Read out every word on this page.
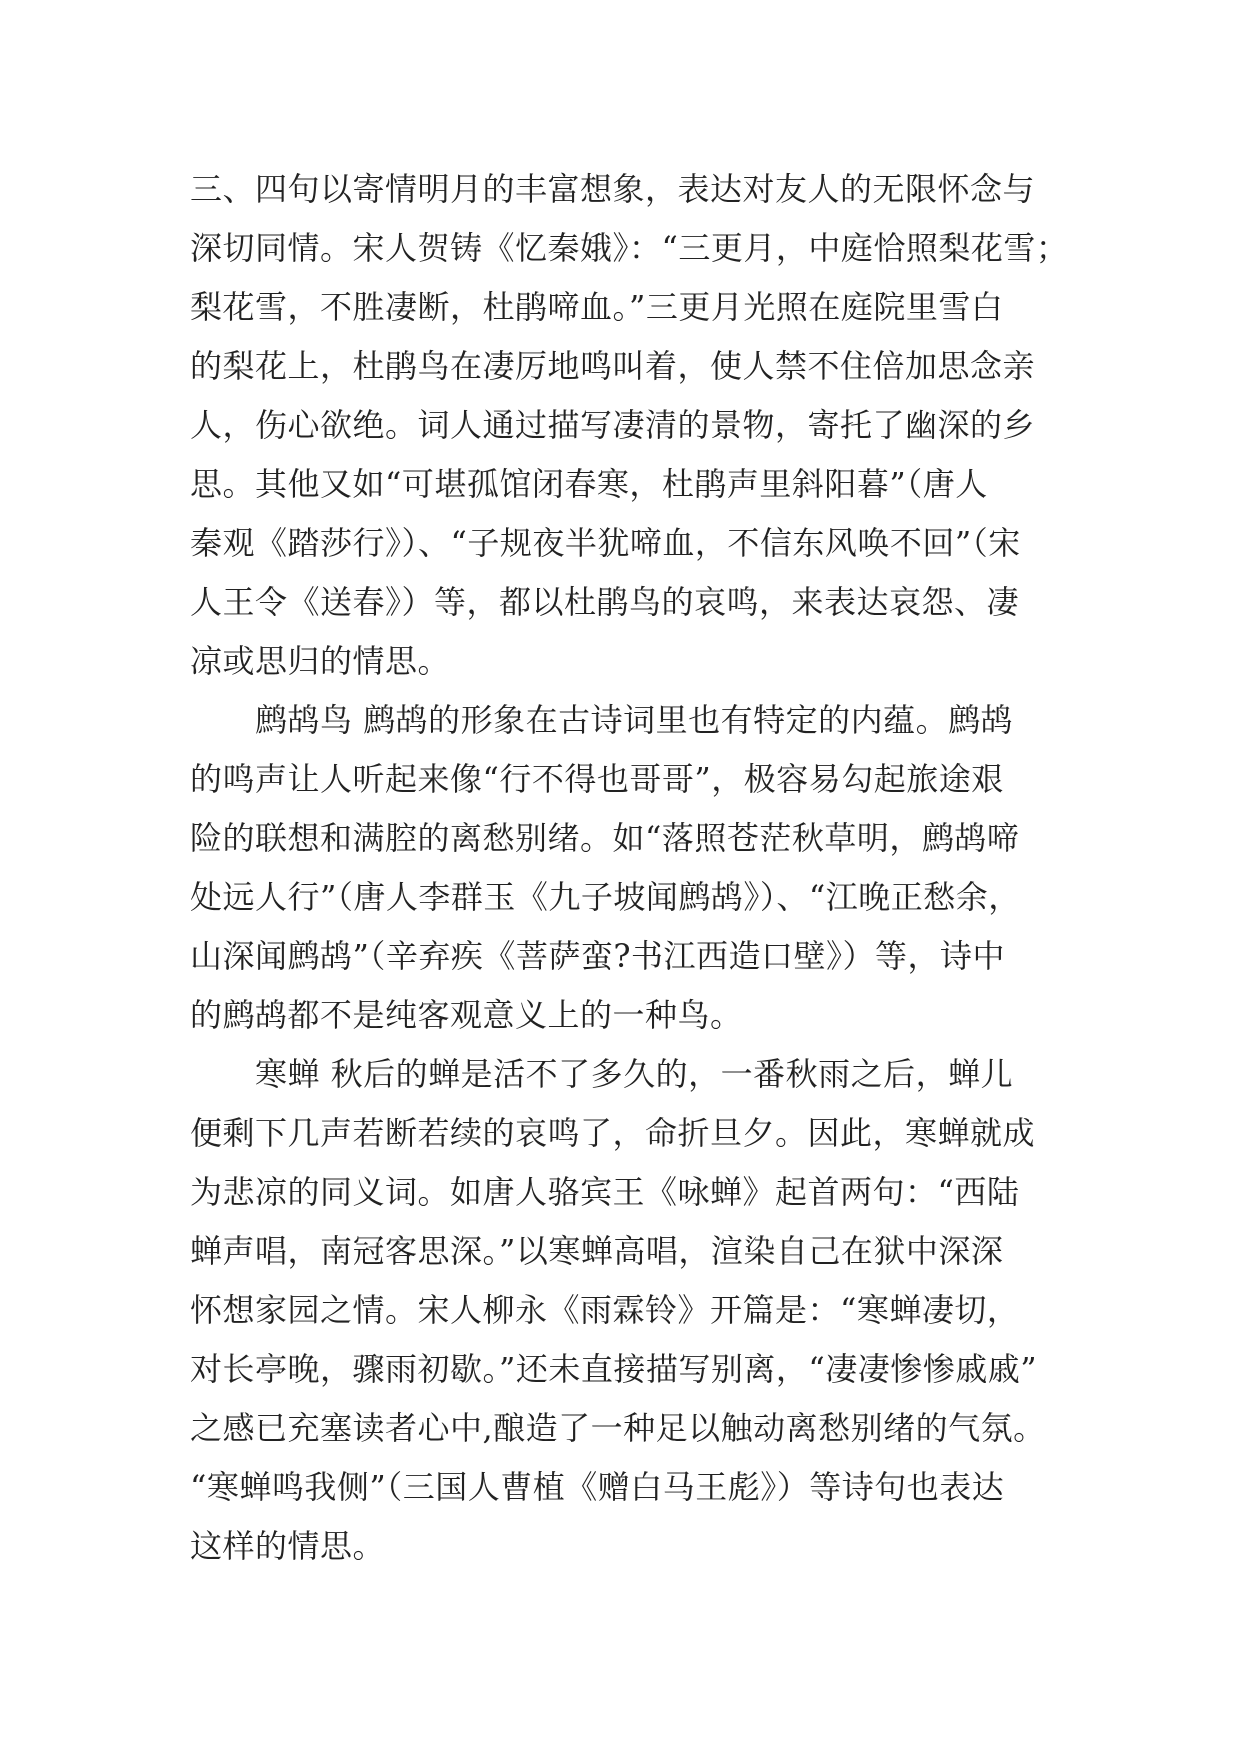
三、四句以寄情明月的丰富想象，表达对友人的无限怀念与
深切同情。宋人贺铸《忆秦娥》：“三更月，中庭恰照梨花雪；
梨花雪，不胜凄断，杜鹃啼血。”三更月光照在庭院里雪白
的梨花上，杜鹃鸟在凄厉地鸣叫着，使人禁不住倍加思念亲
人，伤心欲绝。词人通过描写凄清的景物，寄托了幽深的乡
思。其他又如“可堪孤馆闭春寒，杜鹃声里斜阳暮”（唐人
秦观《踏莎行》）、“子规夜半犹啼血，不信东风唤不回”（宋
人王令《送春》）等，都以杜鹃鸟的哀鸣，来表达哀怨、凄
凉或思归的情思。
　　鹧鸪鸟 鹧鸪的形象在古诗词里也有特定的内蕴。鹧鸪
的鸣声让人听起来像“行不得也哥哥”，极容易勾起旅途艰
险的联想和满腔的离愁别绪。如“落照苍茫秋草明，鹧鸪啼
处远人行”（唐人李群玉《九子坡闻鹧鸪》）、“江晚正愁余，
山深闻鹧鸪”（辛弃疾《菩萨蛮?书江西造口壁》）等，诗中
的鹧鸪都不是纯客观意义上的一种鸟。
　　寒蝉 秋后的蝉是活不了多久的，一番秋雨之后，蝉儿
便剩下几声若断若续的哀鸣了，命折旦夕。因此，寒蝉就成
为悲凉的同义词。如唐人骆宾王《咏蝉》起首两句：“西陆
蝉声唱，南冠客思深。”以寒蝉高唱，渲染自己在狱中深深
怀想家园之情。宋人柳永《雨霖铃》开篇是：“寒蝉凄切，
对长亭晚，骤雨初歇。”还未直接描写别离，“凄凄惨惨戚戚”
之感已充塞读者心中,酿造了一种足以触动离愁别绪的气氛。
“寒蝉鸣我侧”（三国人曹植《赠白马王彪》）等诗句也表达
这样的情思。
